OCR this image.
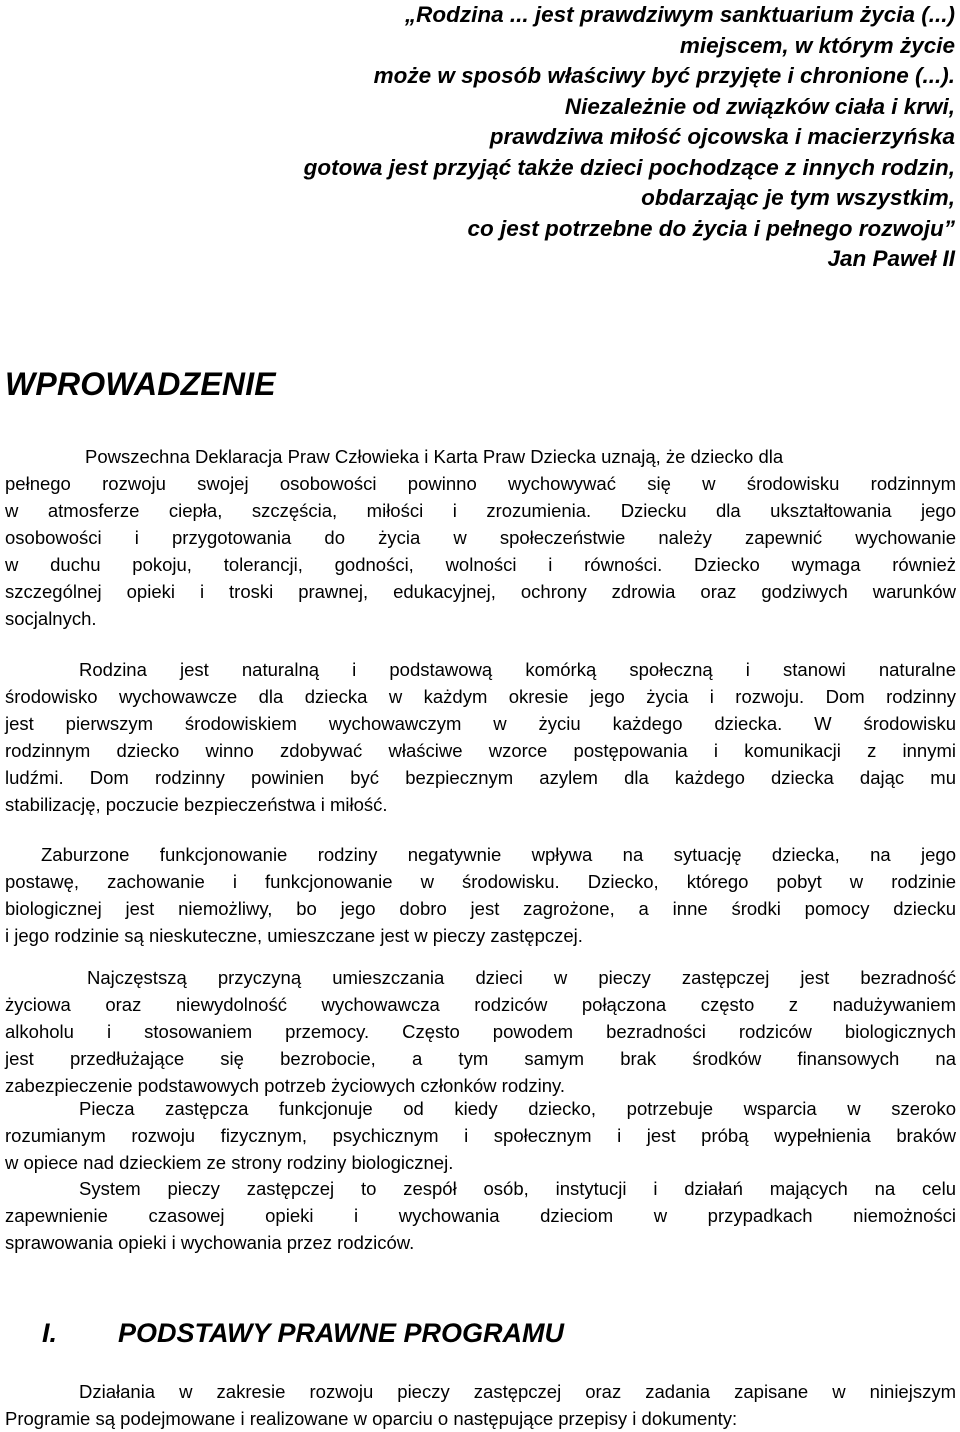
„Rodzina ... jest prawdziwym sanktuarium życia (...)
miejscem, w którym życie
może w sposób właściwy być przyjęte i chronione (...).
Niezależnie od związków ciała i krwi,
prawdziwa miłość ojcowska i macierzyńska
gotowa jest przyjąć także dzieci pochodzące z innych rodzin,
obdarzając je tym wszystkim,
co jest potrzebne do życia i pełnego rozwoju”
Jan Paweł II
WPROWADZENIE
Powszechna Deklaracja Praw Człowieka i Karta Praw Dziecka uznają, że dziecko dla
pełnego rozwoju swojej osobowości powinno wychowywać się w środowisku rodzinnym
w atmosferze ciepła, szczęścia, miłości i zrozumienia. Dziecku dla ukształtowania jego
osobowości i przygotowania do życia w społeczeństwie należy zapewnić wychowanie
w duchu pokoju, tolerancji, godności, wolności i równości. Dziecko wymaga również
szczególnej opieki i troski prawnej, edukacyjnej, ochrony zdrowia oraz godziwych warunków
socjalnych.
Rodzina jest naturalną i podstawową komórką społeczną i stanowi naturalne
środowisko wychowawcze dla dziecka w każdym okresie jego życia i rozwoju. Dom rodzinny
jest pierwszym środowiskiem wychowawczym w życiu każdego dziecka. W środowisku
rodzinnym dziecko winno zdobywać właściwe wzorce postępowania i komunikacji z innymi
ludźmi. Dom rodzinny powinien być bezpiecznym azylem dla każdego dziecka dając mu
stabilizację, poczucie bezpieczeństwa i miłość.
Zaburzone funkcjonowanie rodziny negatywnie wpływa na sytuację dziecka, na jego
postawę, zachowanie i funkcjonowanie w środowisku. Dziecko, którego pobyt w rodzinie
biologicznej jest niemożliwy, bo jego dobro jest zagrożone, a inne środki pomocy dziecku
i jego rodzinie są nieskuteczne, umieszczane jest w pieczy zastępczej.
Najczęstszą przyczyną umieszczania dzieci w pieczy zastępczej jest bezradność
życiowa oraz niewydolność wychowawcza rodziców połączona często z nadużywaniem
alkoholu i stosowaniem przemocy. Często powodem bezradności rodziców biologicznych
jest przedłużające się bezrobocie, a tym samym brak środków finansowych na
zabezpieczenie podstawowych potrzeb życiowych członków rodziny.
Piecza zastępcza funkcjonuje od kiedy dziecko, potrzebuje wsparcia w szeroko
rozumianym rozwoju fizycznym, psychicznym i społecznym i jest próbą wypełnienia braków
w opiece nad dzieckiem ze strony rodziny biologicznej.
System pieczy zastępczej to zespół osób, instytucji i działań mających na celu
zapewnienie czasowej opieki i wychowania dzieciom w przypadkach niemożności
sprawowania opieki i wychowania przez rodziców.
I. PODSTAWY PRAWNE PROGRAMU
Działania w zakresie rozwoju pieczy zastępczej oraz zadania zapisane w niniejszym
Programie są podejmowane i realizowane w oparciu o następujące przepisy i dokumenty:
